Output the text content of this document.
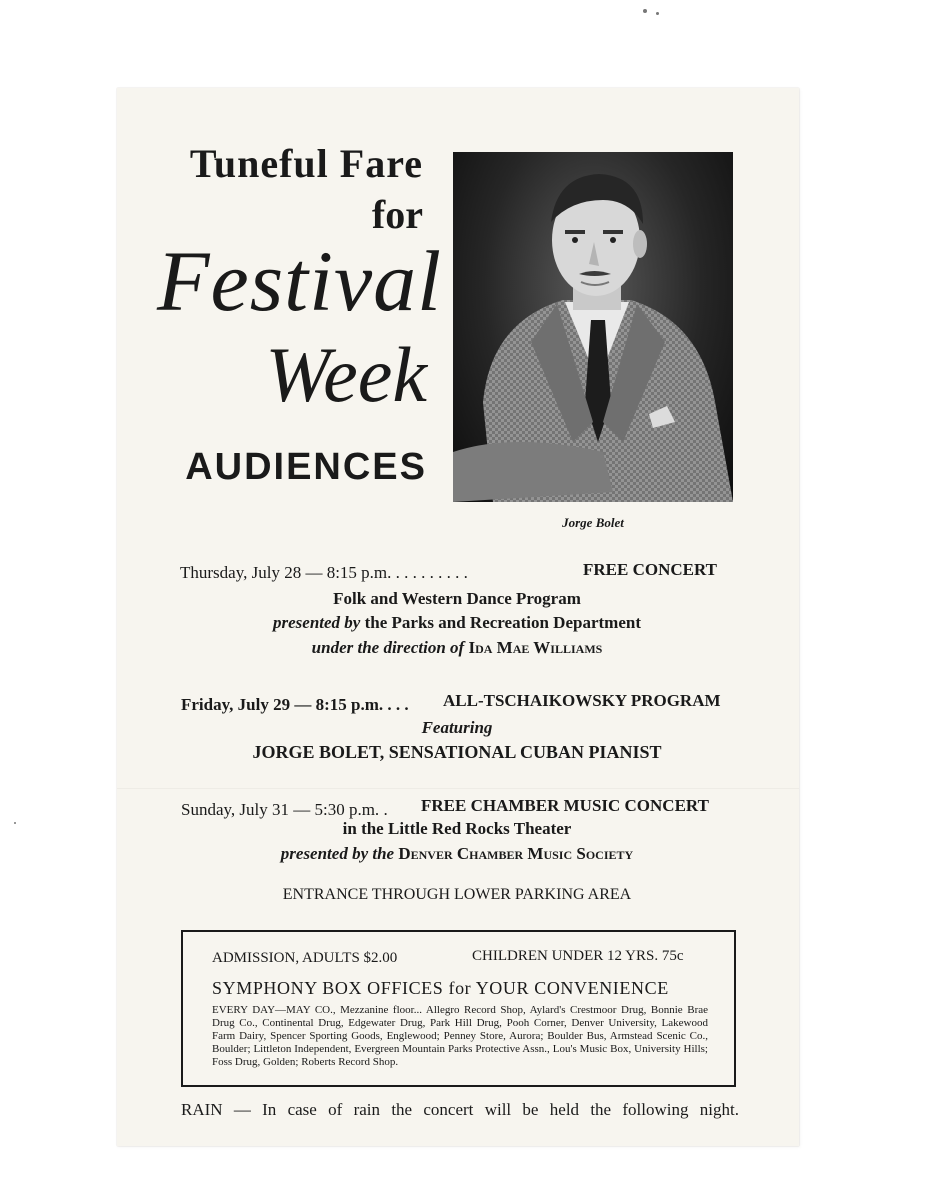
Tuneful Fare
for
Festival
Week
AUDIENCES
Jorge Bolet
Thursday, July 28 — 8:15 p.m. . . . . . . . . .	FREE CONCERT
Folk and Western Dance Program
presented by the Parks and Recreation Department
under the direction of Ida Mae Williams
Friday, July 29 — 8:15 p.m. . . . ALL-TSCHAIKOWSKY PROGRAM
Featuring
JORGE BOLET, SENSATIONAL CUBAN PIANIST
Sunday, July 31 — 5:30 p.m. . FREE CHAMBER MUSIC CONCERT
in the Little Red Rocks Theater
presented by the Denver Chamber Music Society
ENTRANCE THROUGH LOWER PARKING AREA
ADMISSION, ADULTS $2.00	CHILDREN UNDER 12 YRS. 75c
SYMPHONY BOX OFFICES for YOUR CONVENIENCE
EVERY DAY—MAY CO., Mezzanine floor... Allegro Record Shop, Aylard's Crestmoor Drug, Bonnie Brae Drug Co., Continental Drug, Edgewater Drug, Park Hill Drug, Pooh Corner, Denver University, Lakewood Farm Dairy, Spencer Sporting Goods, Englewood; Penney Store, Aurora; Boulder Bus, Armstead Scenic Co., Boulder; Littleton Independent, Evergreen Mountain Parks Protective Assn., Lou's Music Box, University Hills; Foss Drug, Golden; Roberts Record Shop.
RAIN — In case of rain the concert will be held the following night.
